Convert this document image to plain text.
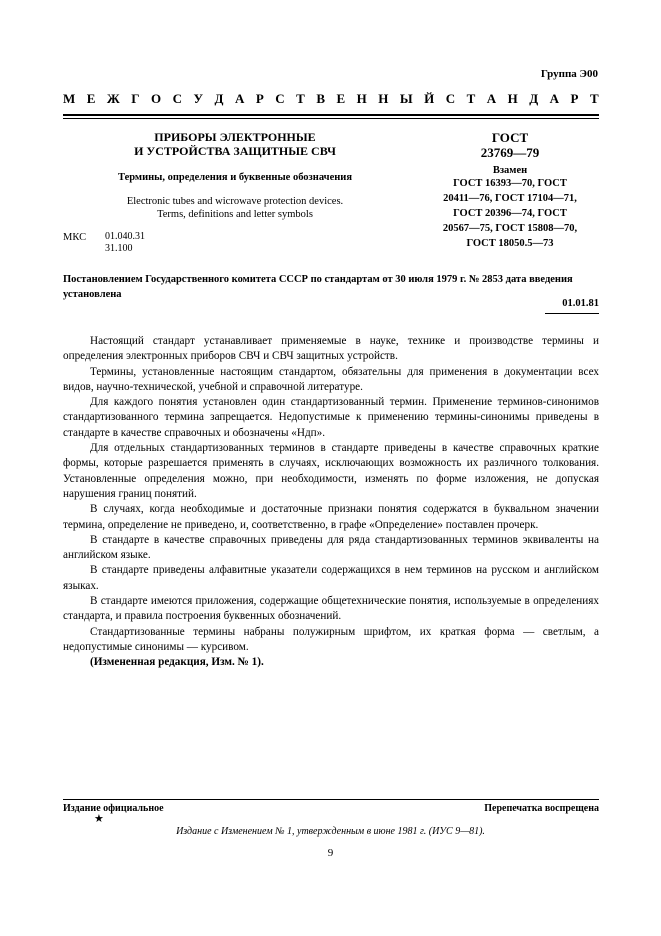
Группа Э00
М Е Ж Г О С У Д А Р С Т В Е Н Н Ы Й С Т А Н Д А Р Т
ПРИБОРЫ ЭЛЕКТРОННЫЕ
И УСТРОЙСТВА ЗАЩИТНЫЕ СВЧ
Термины, определения и буквенные обозначения
Electronic tubes and wicrowave protection devices.
Terms, definitions and letter symbols
ГОСТ
23769—79
Взамен
ГОСТ 16393—70, ГОСТ
20411—76, ГОСТ 17104—71,
ГОСТ 20396—74, ГОСТ
20567—75, ГОСТ 15808—70,
ГОСТ 18050.5—73
МКС 01.040.31
31.100
Постановлением Государственного комитета СССР по стандартам от 30 июля 1979 г. № 2853 дата введения установлена
01.01.81

Настоящий стандарт устанавливает применяемые в науке, технике и производстве термины и определения электронных приборов СВЧ и СВЧ защитных устройств.

Термины, установленные настоящим стандартом, обязательны для применения в документации всех видов, научно-технической, учебной и справочной литературе.

Для каждого понятия установлен один стандартизованный термин. Применение терминов-синонимов стандартизованного термина запрещается. Недопустимые к применению термины-синонимы приведены в стандарте в качестве справочных и обозначены «Ндп».

Для отдельных стандартизованных терминов в стандарте приведены в качестве справочных краткие формы, которые разрешается применять в случаях, исключающих возможность их различного толкования. Установленные определения можно, при необходимости, изменять по форме изложения, не допуская нарушения границ понятий.

В случаях, когда необходимые и достаточные признаки понятия содержатся в буквальном значении термина, определение не приведено, и, соответственно, в графе «Определение» поставлен прочерк.

В стандарте в качестве справочных приведены для ряда стандартизованных терминов эквиваленты на английском языке.

В стандарте приведены алфавитные указатели содержащихся в нем терминов на русском и английском языках.

В стандарте имеются приложения, содержащие общетехнические понятия, используемые в определениях стандарта, и правила построения буквенных обозначений.

Стандартизованные термины набраны полужирным шрифтом, их краткая форма — светлым, а недопустимые синонимы — курсивом.

(Измененная редакция, Изм. № 1).

Издание официальное	Перепечатка воспрещена
★
Издание с Изменением № 1, утвержденным в июне 1981 г. (ИУС 9—81).
9
